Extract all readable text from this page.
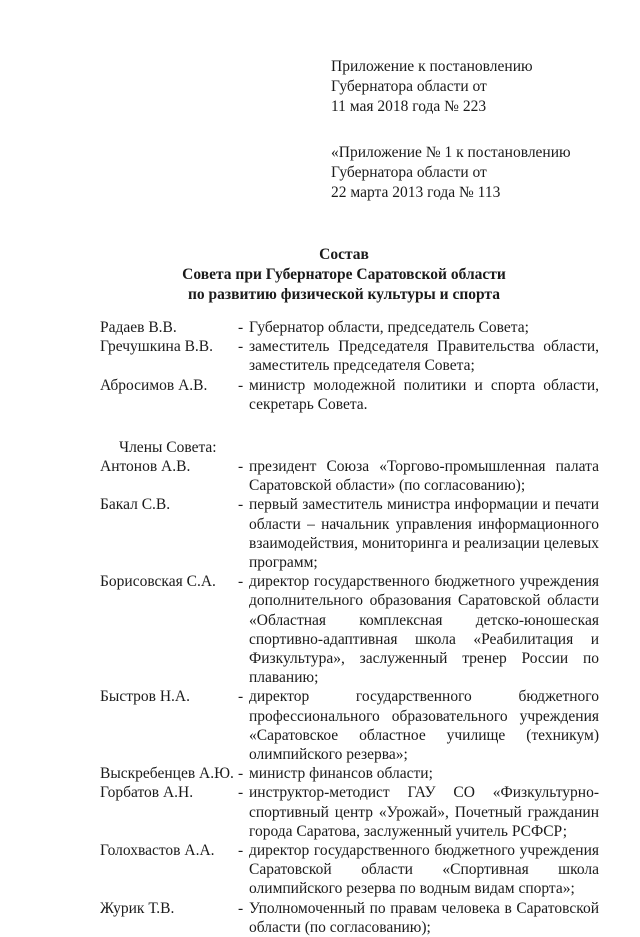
Приложение к постановлению
Губернатора области от
11 мая 2018 года № 223
«Приложение № 1 к постановлению
Губернатора области от
22 марта 2013 года № 113
Состав
Совета при Губернаторе Саратовской области
по развитию физической культуры и спорта
Радаев В.В.	- Губернатор области, председатель Совета;
Гречушкина В.В. - заместитель Председателя Правительства области, заместитель председателя Совета;
Абросимов А.В. - министр молодежной политики и спорта области, секретарь Совета.
Члены Совета:
Антонов А.В.	- президент Союза «Торгово-промышленная палата Саратовской области» (по согласованию);
Бакал С.В.	- первый заместитель министра информации и печати области – начальник управления информационного взаимодействия, мониторинга и реализации целевых программ;
Борисовская С.А. - директор государственного бюджетного учреждения дополнительного образования Саратовской области «Областная комплексная детско-юношеская спортивно-адаптивная школа «Реабилитация и Физкультура», заслуженный тренер России по плаванию;
Быстров Н.А.	- директор государственного бюджетного профессионального образовательного учреждения «Саратовское областное училище (техникум) олимпийского резерва»;
Выскребенцев А.Ю. - министр финансов области;
Горбатов А.Н.	- инструктор-методист ГАУ СО «Физкультурно-спортивный центр «Урожай», Почетный гражданин города Саратова, заслуженный учитель РСФСР;
Голохвастов А.А. - директор государственного бюджетного учреждения Саратовской области «Спортивная школа олимпийского резерва по водным видам спорта»;
Журик Т.В.	- Уполномоченный по правам человека в Саратовской области (по согласованию);
